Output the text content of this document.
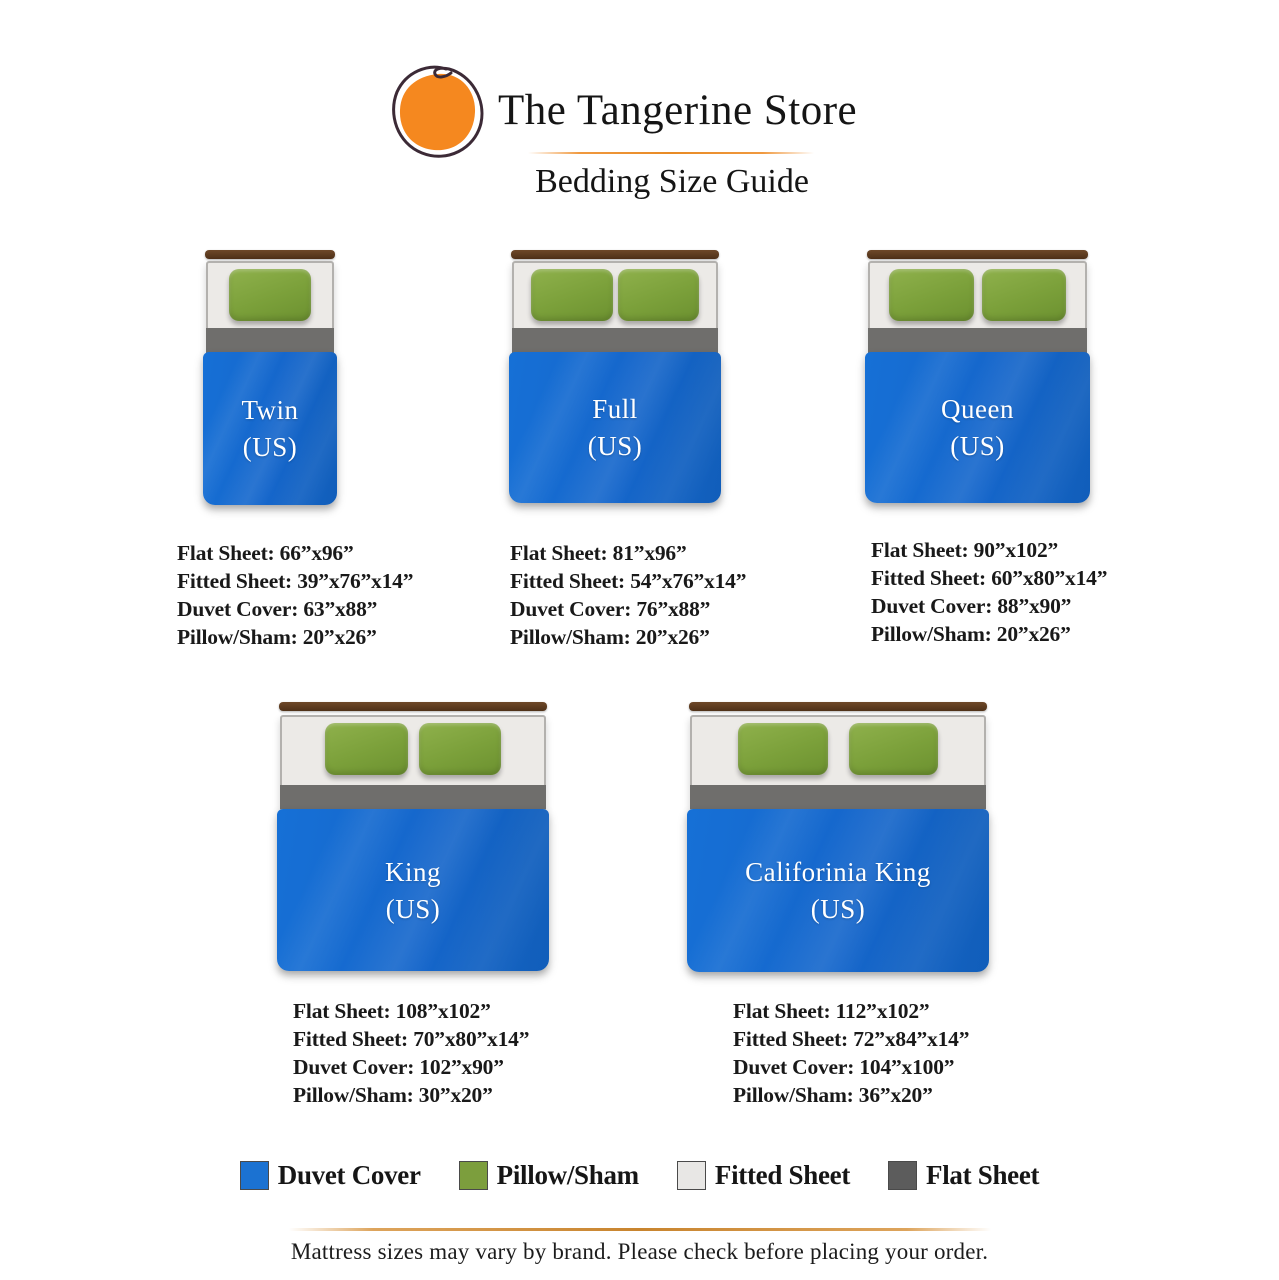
The Tangerine Store
Bedding Size Guide
Twin
(US)
Flat Sheet: 66”x96”
Fitted Sheet: 39”x76”x14”
Duvet Cover: 63”x88”
Pillow/Sham: 20”x26”
Full
(US)
Flat Sheet: 81”x96”
Fitted Sheet: 54”x76”x14”
Duvet Cover: 76”x88”
Pillow/Sham: 20”x26”
Queen
(US)
Flat Sheet: 90”x102”
Fitted Sheet: 60”x80”x14”
Duvet Cover: 88”x90”
Pillow/Sham: 20”x26”
King
(US)
Flat Sheet: 108”x102”
Fitted Sheet: 70”x80”x14”
Duvet Cover: 102”x90”
Pillow/Sham: 30”x20”
Califorinia King
(US)
Flat Sheet: 112”x102”
Fitted Sheet: 72”x84”x14”
Duvet Cover: 104”x100”
Pillow/Sham: 36”x20”
Duvet Cover	Pillow/Sham	Fitted Sheet	Flat Sheet
Mattress sizes may vary by brand. Please check before placing your order.
